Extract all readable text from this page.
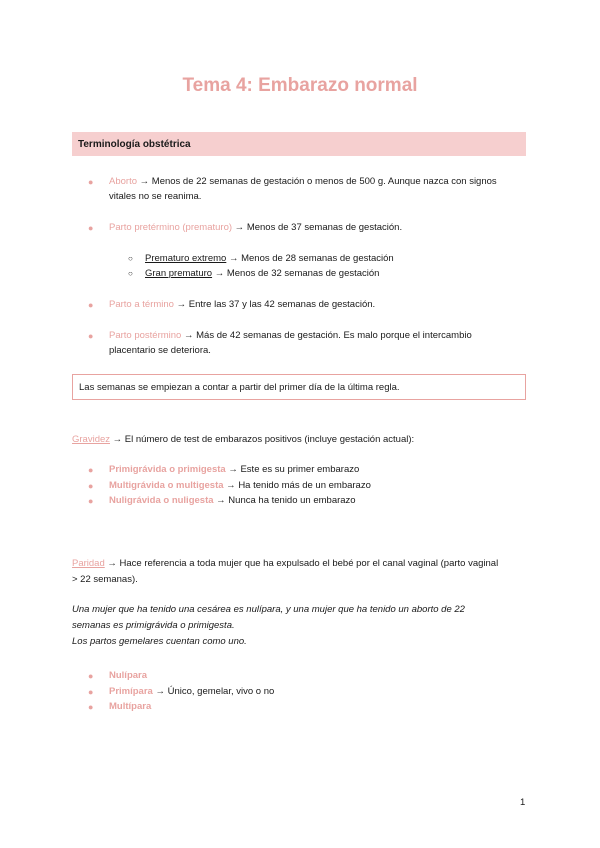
Tema 4: Embarazo normal
Terminología obstétrica
● Aborto → Menos de 22 semanas de gestación o menos de 500 g. Aunque nazca con signos
vitales no se reanima.
● Parto pretérmino (prematuro) → Menos de 37 semanas de gestación.
○ Prematuro extremo → Menos de 28 semanas de gestación
○ Gran prematuro → Menos de 32 semanas de gestación
● Parto a término → Entre las 37 y las 42 semanas de gestación.
● Parto postérmino → Más de 42 semanas de gestación. Es malo porque el intercambio
placentario se deteriora.
Las semanas se empiezan a contar a partir del primer día de la última regla.
Gravidez → El número de test de embarazos positivos (incluye gestación actual):
● Primigrávida o primigesta → Este es su primer embarazo
● Multigrávida o multigesta → Ha tenido más de un embarazo
● Nuligrávida o nuligesta → Nunca ha tenido un embarazo
Paridad → Hace referencia a toda mujer que ha expulsado el bebé por el canal vaginal (parto vaginal
> 22 semanas).
Una mujer que ha tenido una cesárea es nulípara, y una mujer que ha tenido un aborto de 22
semanas es primigrávida o primigesta.
Los partos gemelares cuentan como uno.
● Nulípara
● Primípara → Único, gemelar, vivo o no
● Multípara
1
